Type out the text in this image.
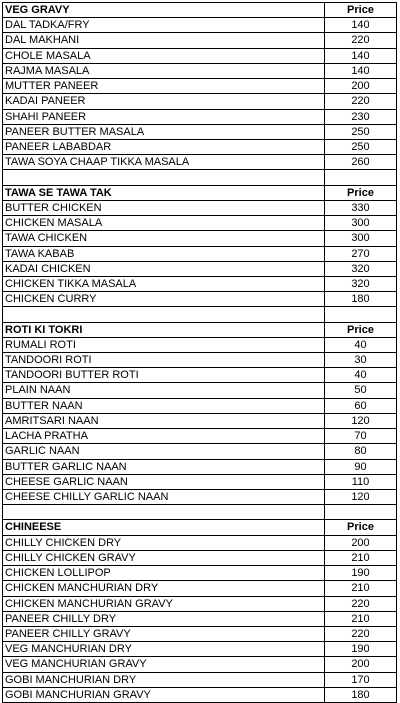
VEG GRAVY	Price
DAL TADKA/FRY	140
DAL MAKHANI	220
CHOLE MASALA	140
RAJMA MASALA	140
MUTTER PANEER	200
KADAI PANEER	220
SHAHI PANEER	230
PANEER BUTTER MASALA	250
PANEER LABABDAR	250
TAWA SOYA CHAAP TIKKA MASALA	260
TAWA SE TAWA TAK	Price
BUTTER CHICKEN	330
CHICKEN MASALA	300
TAWA CHICKEN	300
TAWA KABAB	270
KADAI CHICKEN	320
CHICKEN TIKKA MASALA	320
CHICKEN CURRY	180
ROTI KI TOKRI	Price
RUMALI ROTI	40
TANDOORI ROTI	30
TANDOORI BUTTER ROTI	40
PLAIN NAAN	50
BUTTER NAAN	60
AMRITSARI NAAN	120
LACHA PRATHA	70
GARLIC NAAN	80
BUTTER GARLIC NAAN	90
CHEESE GARLIC NAAN	110
CHEESE CHILLY GARLIC NAAN	120
CHINEESE	Price
CHILLY CHICKEN DRY	200
CHILLY CHICKEN GRAVY	210
CHICKEN LOLLIPOP	190
CHICKEN MANCHURIAN DRY	210
CHICKEN MANCHURIAN GRAVY	220
PANEER CHILLY DRY	210
PANEER CHILLY GRAVY	220
VEG MANCHURIAN DRY	190
VEG MANCHURIAN GRAVY	200
GOBI MANCHURIAN DRY	170
GOBI MANCHURIAN GRAVY	180
